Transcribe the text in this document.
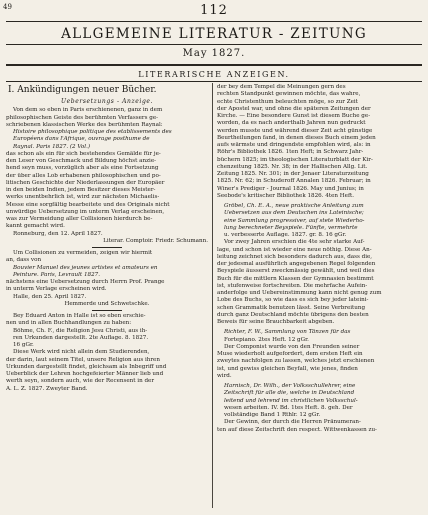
49	112
ALLGEMEINE LITERATUR - ZEITUNG
May 1827.
LITERARISCHE ANZEIGEN.

I. Ankündigungen neuer Bücher.

Uebersetzungs - Anzeige.

Von dem so eben in Paris erschienenen, ganz in dem

philosophischen Geiste des berühmten Verfassers ge-

schriebenen klassischen Werke des berühmten Raynal:

Histoire philosophique politique des etablissements des

Européens dans l'Afrique, ouvrage posthume de

Raynal. Paris 1827. (2 Vol.)

das schon als ein für sich bestehendes Gemälde für je-

den Leser von Geschmack und Bildung höchst anzie-

hend seyn muss, vorzüglich aber als eine Fortsetzung

der über alles Lob erhabenen philosophischen und po-

litischen Geschichte der Niederlassungen der Europäer

in den beiden Indien, jedem Besitzer dieses Meister-

werks unentbehrlich ist, wird zur nächsten Michaelis-

Messe eine sorgfältig bearbeitete und des Originals nicht

unwürdige Uebersetzung im unterm Verlag erscheinen,

was zur Vermeidung aller Collisionen hierdurch be-

kannt gemacht wird.

Ronneburg, den 12. April 1827.

Literar. Comptoir. Friedr. Schumann.

Um Collisionen zu vermeiden, zeigen wir hiermit

an, dass von

Bouvier Manuel des jeunes artistes et amateurs en

Peinture. Paris, Levrault 1827.

nächstens eine Uebersetzung durch Herrn Prof. Prange

in unterm Verlage erscheinen wird.

Halle, den 25. April 1827.

Hemmerde und Schwetschke.

Bey Eduard Anton in Halle ist so eben erschie-

nen und in allen Buchhandlungen zu haben:

Böhme, Ch. F., die Religion Jesu Christi, aus ih-

ren Urkunden dargestellt. 2te Auflage. 8. 1827.

16 gGr.

Diese Werk wird nicht allein dem Studierenden,

der darin, laut seinem Titel, unsere Religion aus ihren

Urkunden dargestellt findet, gleichsam als Inbegriff und

Ueberblick der Lehren hochgefeierter Männer lieb und

werth seyn, sondern auch, wie der Recensent in der

A. L. Z. 1827. Zweyter Band.

der bey dem Tempel die Meinungen gern des

rechten Standpunkt gewinnen möchte, das wahre,

echte Christenthum beleuchten möge, so zur Zeit

der Apostel war, und ohne die späteren Zeitungen der

Kirche. — Eine besondere Gunst ist diesem Buche ge-

worden, da es nach anderthalb Jahren nun gedruckt

werden musste und während dieser Zeit acht günstige

Beurtheilungen fand, in denen dieses Buch einem jeden

aufs wärmste und dringendste empfohlen wird, als: in

Röhr's Bibliothek 1826. 1ten Heft; in Schwarz Jahr-

büchern 1825; im theologischen Literaturblatt der Kir-

chenzeitung 1825. Nr. 38; in der Hallischen Allg. Lit.

Zeitung 1825. Nr. 301; in der Jenaer Literaturzeitung

1825. Nr. 62; in Schuderoff Annalen 1826. Februar; in

Winer's Prediger - Journal 1826. May und Junius; in

Seebode's kritischer Bibliothek 1826. 4ten Heft.

Gröbel, Ch. E. A., neue praktische Anleitung zum

Uebersetzen aus dem Deutschen ins Lateinische;

eine Sammlung progressiver, auf stete Wiederho-

lung berechneter Beyspiele. Fünfte, vermehrte

u. verbesserte Auflage. 1827. gr. 8. 16 gGr.

Vor zwey Jahren erschien die 4te sehr starke Auf-

lage, und schon ist wieder eine neue nöthig. Diese An-

leitung zeichnet sich besonders dadurch aus, dass die,

der jedesmal ausführlich angegebenen Regel folgenden

Beyspiele äusserst zweckmässig gewählt, und weil dies

Buch für die mittlern Klassen der Gymnasien bestimmt

ist, stufenweise fortschreiten. Die mehrfache Aufein-

anderfolge und Uebereinstimmung kann nicht genug zum

Lobe des Buchs, so wie dass es sich bey jeder lateini-

schen Grammatik benutzen lässt. Seine Verbreitung

durch ganz Deutschland möchte übrigens den besten

Beweis für seine Brauchbarkeit abgeben.

Richter, F. W., Sammlung von Tänzen für das

Fortepiano. 2tes Heft. 12 gGr.

Der Componist wurde von den Freunden seiner

Muse wiederholt aufgefordert, dem ersten Heft ein

zweytes nachfolgen zu lassen, welches jetzt erschienen

ist, und gewiss gleichen Beyfall, wie jenes, finden

wird.

Harnisch, Dr. Wilh., der Volksschullehrer, eine

Zeitschrift für alle die, welche in Deutschland

leitend und lehrend im christlichen Volksschul-

wesen arbeiten. IV. Bd. 1tes Heft. 8. geh. Der

vollständige Band 1 Rthlr. 12 gGr.

Der Gewinn, der durch die Herren Pränumeran-

ten auf diese Zeitschrift den respect. Wittwenkassen zu-
